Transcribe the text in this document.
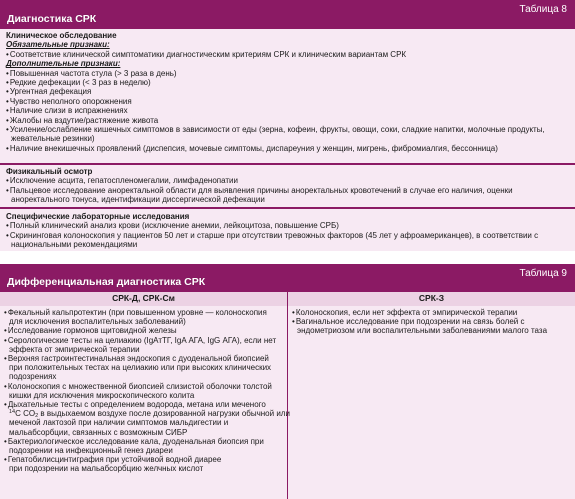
Таблица 8
Диагностика СРК
Клиническое обследование
Обязательные признаки:
• Соответствие клинической симптоматики диагностическим критериям СРК и клиническим вариантам СРК
Дополнительные признаки:
• Повышенная частота стула (> 3 раза в день)
• Редкие дефекации (< 3 раз в неделю)
• Ургентная дефекация
• Чувство неполного опорожнения
• Наличие слизи в испражнениях
• Жалобы на вздутие/растяжение живота
• Усиление/ослабление кишечных симптомов в зависимости от еды (зерна, кофеин, фрукты, овощи, соки, сладкие напитки, молочные продукты,
жевательные резинки)
• Наличие внекишечных проявлений (диспепсия, мочевые симптомы, диспареуния у женщин, мигрень, фибромиалгия, бессонница)
Физикальный осмотр
• Исключение асцита, гепатоспленомегалии, лимфаденопатии
• Пальцевое исследование аноректальной области для выявления причины аноректальных кровотечений в случае его наличия, оценки
аноректального тонуса, идентификации диссергической дефекации
Специфические лабораторные исследования
• Полный клинический анализ крови (исключение анемии, лейкоцитоза, повышение СРБ)
• Скрининговая колоноскопия у пациентов 50 лет и старше при отсутствии тревожных факторов (45 лет у афроамериканцев), в соответствии с
национальными рекомендациями
Таблица 9
Дифференциальная диагностика СРК
СРК-Д, СРК-См	СРК-З
• Фекальный кальпротектин (при повышенном уровне — колоноскопия
для исключения воспалительных заболеваний)
• Исследование гормонов щитовидной железы
• Серологические тесты на целиакию (IgАтТГ, IgA АГА, IgG АГА), если нет
эффекта от эмпирической терапии
• Верхняя гастроинтестинальная эндоскопия с дуоденальной биопсией
при положительных тестах на целиакию или при высоких клинических
подозрениях
• Колоноскопия с множественной биопсией слизистой оболочки толстой
кишки для исключения микроскопического колита
• Дыхательные тесты с определением водорода, метана или меченого
$^{14}$C $CO_2$ в выдыхаемом воздухе после дозированной нагрузки обычной или
меченой лактозой при наличии симптомов мальдигестии и
мальабсорбции, связанных с возможным СИБР
• Бактериологическое исследование кала, дуоденальная биопсия при
подозрении на инфекционный генез диареи
• Гепатобилисцинтиграфия при устойчивой водной диарее
при подозрении на мальабсорбцию желчных кислот
• Колоноскопия, если нет эффекта от эмпирической терапии
• Вагинальное исследование при подозрении на связь болей с
эндометриозом или воспалительными заболеваниями малого таза
